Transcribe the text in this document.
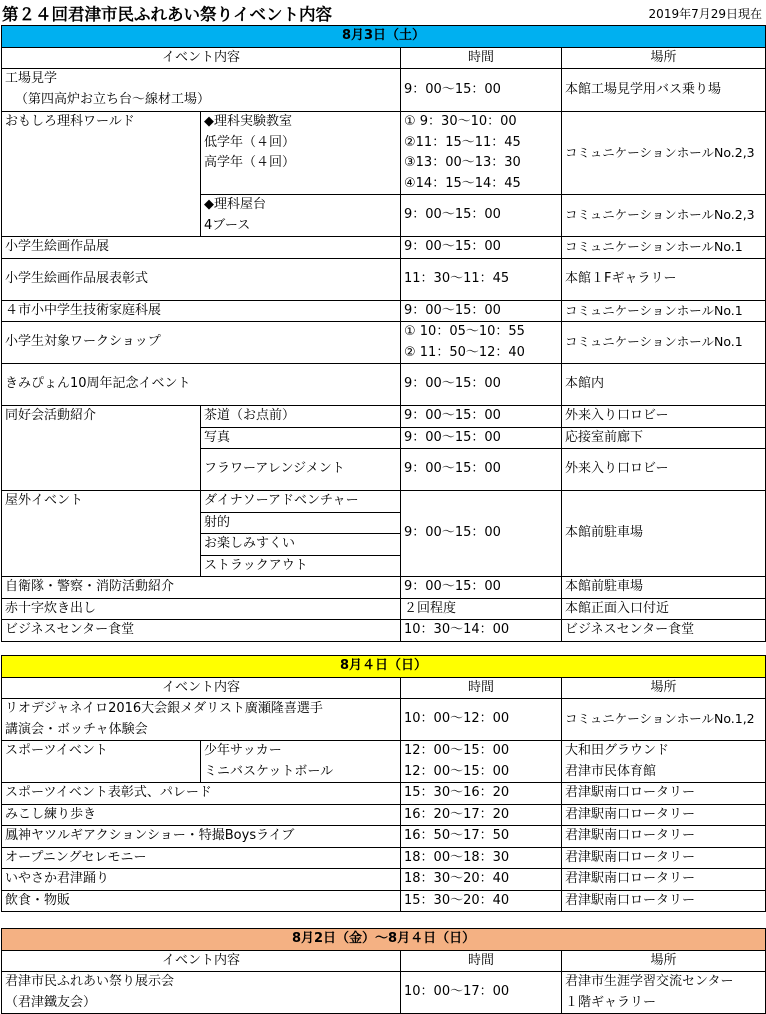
第２４回君津市民ふれあい祭りイベント内容	2019年7月29日現在
8月3日（土）			
イベント内容		時間	場所

工場見学
（第四高炉お立ち台～線材工場）		9：00～15：00	本館工場見学用バス乗り場
おもしろ理科ワールド	◆理科実験教室
低学年（４回）
高学年（４回）	① 9：30～10：00
②11：15～11：45
③13：00～13：30
④14：15～14：45	コミュニケーションホールNo.2,3

	◆理科屋台
4ブース	9：00～15：00	コミュニケーションホールNo.2,3
小学生絵画作品展		9：00～15：00	コミュニケーションホールNo.1
小学生絵画作品展表彰式		11：30～11：45	本館１Fギャラリー
４市小中学生技術家庭科展		9：00～15：00	コミュニケーションホールNo.1
小学生対象ワークショップ		① 10：05～10：55
② 11：50～12：40	コミュニケーションホールNo.1
きみぴょん10周年記念イベント		9：00～15：00	本館内
同好会活動紹介	茶道（お点前）	9：00～15：00	外来入り口ロビー
	写真	9：00～15：00	応接室前廊下
	フラワーアレンジメント	9：00～15：00	外来入り口ロビー
屋外イベント	ダイナソーアドベンチャー	9：00～15：00	本館前駐車場
	射的		
	お楽しみすくい		
	ストラックアウト		
自衛隊・警察・消防活動紹介		9：00～15：00	本館前駐車場
赤十字炊き出し		２回程度	本館正面入口付近
ビジネスセンター食堂		10：30～14：00	ビジネスセンター食堂
8月４日（日）			
イベント内容		時間	場所

リオデジャネイロ2016大会銀メダリスト廣瀬隆喜選手
講演会・ボッチャ体験会		10：00～12：00	コミュニケーションホールNo.1,2
スポーツイベント	少年サッカー	12：00～15：00	大和田グラウンド
	ミニバスケットボール	12：00～15：00	君津市民体育館
スポーツイベント表彰式、パレード		15：30～16：20	君津駅南口ロータリー
みこし練り歩き		16：20～17：20	君津駅南口ロータリー
鳳神ヤツルギアクションショー・特撮Boysライブ		16：50～17：50	君津駅南口ロータリー
オープニングセレモニー		18：00～18：30	君津駅南口ロータリー
いやさか君津踊り		18：30～20：40	君津駅南口ロータリー
飲食・物販		15：30～20：40	君津駅南口ロータリー
8月2日（金）～8月４日（日）		
イベント内容	時間	場所

君津市民ふれあい祭り展示会
（君津鐵友会）	10：00～17：00	君津市生涯学習交流センター
１階ギャラリー
